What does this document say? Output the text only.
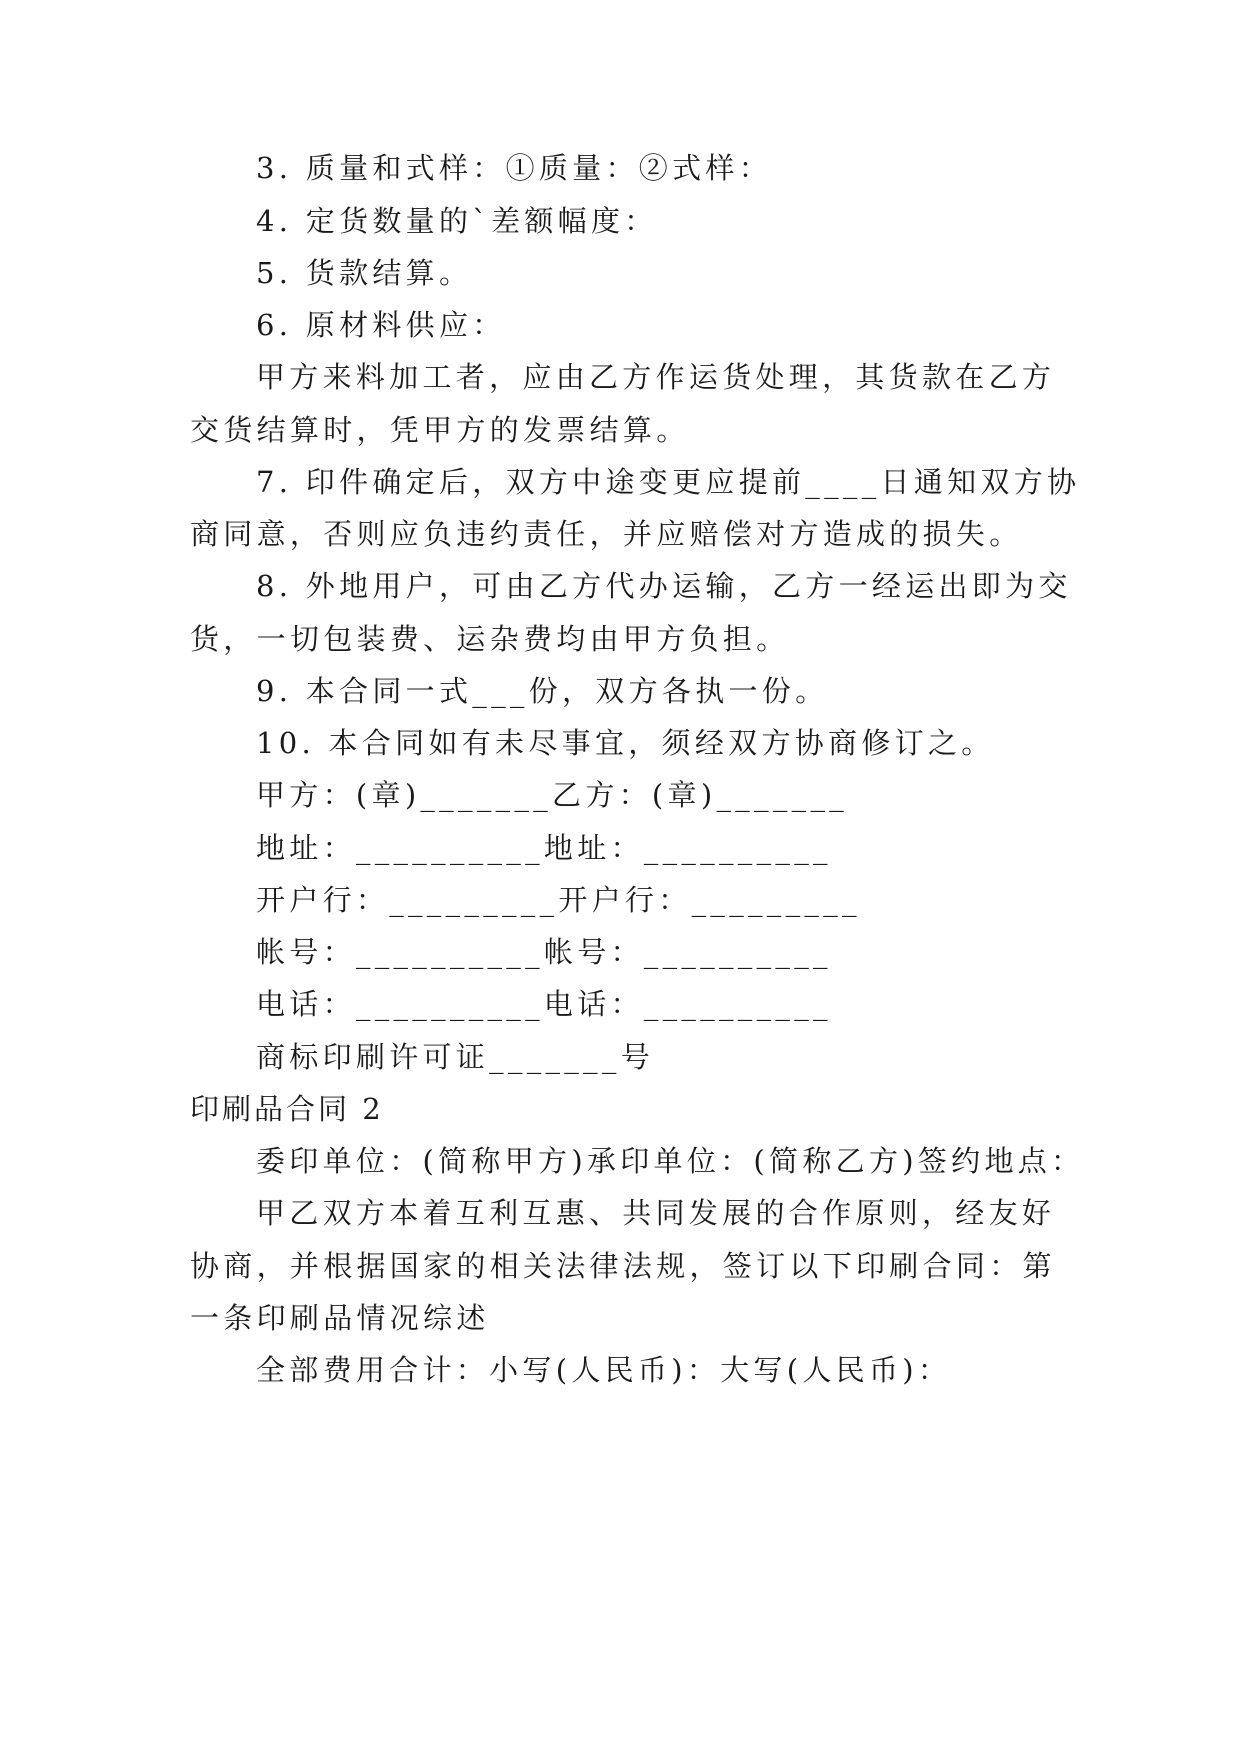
3. 质量和式样：①质量：②式样：
4. 定货数量的`差额幅度：
5. 货款结算。
6. 原材料供应：
甲方来料加工者，应由乙方作运货处理，其货款在乙方
交货结算时，凭甲方的发票结算。
7. 印件确定后，双方中途变更应提前____日通知双方协
商同意，否则应负违约责任，并应赔偿对方造成的损失。
8. 外地用户，可由乙方代办运输，乙方一经运出即为交
货，一切包装费、运杂费均由甲方负担。
9. 本合同一式___份，双方各执一份。
10. 本合同如有未尽事宜，须经双方协商修订之。
甲方：(章)_______乙方：(章)_______
地址：__________地址：__________
开户行：_________开户行：_________
帐号：__________帐号：__________
电话：__________电话：__________
商标印刷许可证_______号
印刷品合同 2
委印单位：(简称甲方)承印单位：(简称乙方)签约地点：
甲乙双方本着互利互惠、共同发展的合作原则，经友好
协商，并根据国家的相关法律法规，签订以下印刷合同：第
一条印刷品情况综述
全部费用合计：小写(人民币)：大写(人民币)：
